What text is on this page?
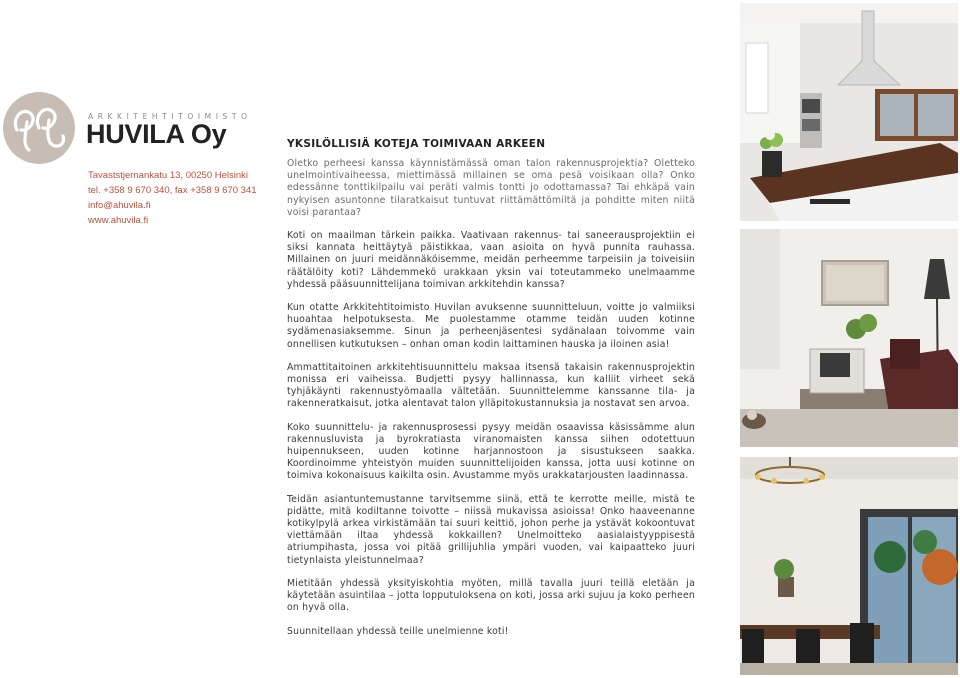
ARKKITEHTITOIMISTO
HUVILA Oy
Tavaststjernankatu 13, 00250 Helsinki
tel. +358 9 670 340, fax +358 9 670 341
info@ahuvila.fi
www.ahuvila.fi
YKSILÖLLISIÄ KOTEJA TOIMIVAAN ARKEEN

Oletko perheesi kanssa käynnistämässä oman talon rakennusprojektia? Oletteko unelmointivaiheessa, miettimässä millainen se oma pesä voisikaan olla? Onko edessänne tonttikilpailu vai peräti valmis tontti jo odottamassa? Tai ehkäpä vain nykyisen asuntonne tilaratkaisut tuntuvat riittämättömiltä ja pohditte miten niitä voisi parantaa?

Koti on maailman tärkein paikka. Vaativaan rakennus- tai saneerausprojektiin ei siksi kannata heittäytyä päistikkaa, vaan asioita on hyvä punnita rauhassa. Millainen on juuri meidännäköisemme, meidän perheemme tarpeisiin ja toiveisiin räätälöity koti? Lähdemmekö urakkaan yksin vai toteutammeko unelmaamme yhdessä pääsuunnittelijana toimivan arkkitehdin kanssa?

Kun otatte Arkkitehtitoimisto Huvilan avuksenne suunnitteluun, voitte jo valmiiksi huoahtaa helpotuksesta. Me puolestamme otamme teidän uuden kotinne sydämenasiaksemme. Sinun ja perheenjäsentesi sydänalaan toivomme vain onnellisen kutkutuksen – onhan oman kodin laittaminen hauska ja iloinen asia!

Ammattitaitoinen arkkitehtisuunnittelu maksaa itsensä takaisin rakennusprojektin monissa eri vaiheissa. Budjetti pysyy hallinnassa, kun kalliit virheet sekä tyhjäkäynti rakennustyömaalla vältetään. Suunnittelemme kanssanne tila- ja rakenneratkaisut, jotka alentavat talon ylläpitokustannuksia ja nostavat sen arvoa.

Koko suunnittelu- ja rakennusprosessi pysyy meidän osaavissa käsissämme alun rakennusluvista ja byrokratiasta viranomaisten kanssa siihen odotettuun huipennukseen, uuden kotinne harjannostoon ja sisustukseen saakka. Koordinoimme yhteistyön muiden suunnittelijoiden kanssa, jotta uusi kotinne on toimiva kokonaisuus kaikilta osin. Avustamme myös urakkatarjousten laadinnassa.

Teidän asiantuntemustanne tarvitsemme siinä, että te kerrotte meille, mistä te pidätte, mitä kodiltanne toivotte – niissä mukavissa asioissa! Onko haaveenanne kotikylpylä arkea virkistämään tai suuri keittiö, johon perhe ja ystävät kokoontuvat viettämään iltaa yhdessä kokkaillen? Unelmoitteko aasialaistyyppisestä atriumpihasta, jossa voi pitää grillijuhlia ympäri vuoden, vai kaipaatteko juuri tietynlaista yleistunnelmaa?

Mietitään yhdessä yksityiskohtia myöten, millä tavalla juuri teillä eletään ja käytetään asuintilaa – jotta lopputuloksena on koti, jossa arki sujuu ja koko perheen on hyvä olla.

Suunnitellaan yhdessä teille unelmienne koti!
